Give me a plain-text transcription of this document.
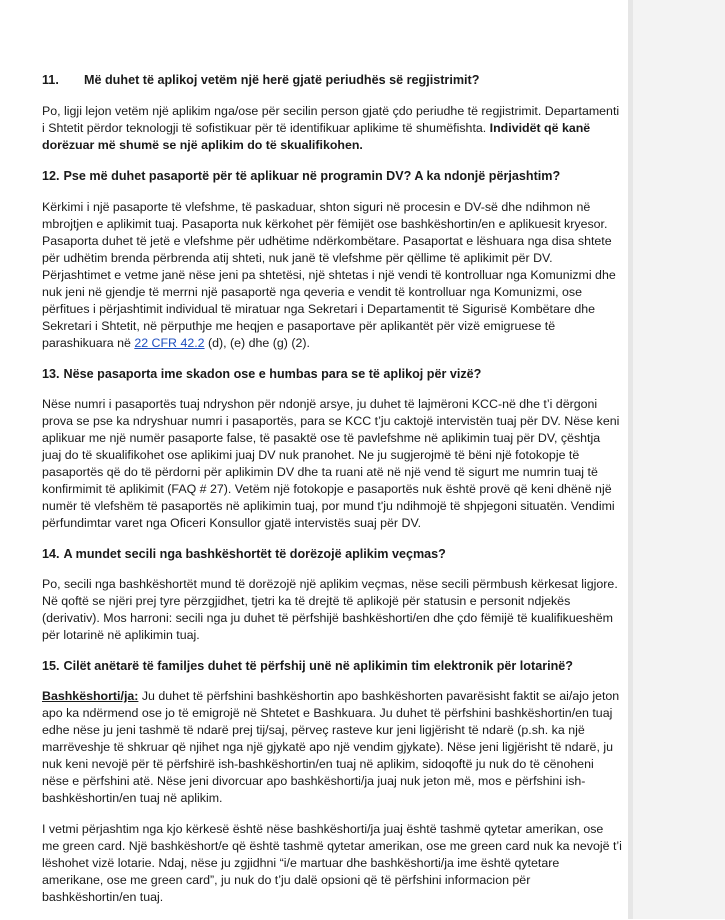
11. Më duhet të aplikoj vetëm një herë gjatë periudhës së regjistrimit?
Po, ligji lejon vetëm një aplikim nga/ose për secilin person gjatë çdo periudhe të regjistrimit. Departamenti i Shtetit përdor teknologji të sofistikuar për të identifikuar aplikime të shumëfishta. Individët që kanë dorëzuar më shumë se një aplikim do të skualifikohen.
12. Pse më duhet pasaportë për të aplikuar në programin DV? A ka ndonjë përjashtim?
Kërkimi i një pasaporte të vlefshme, të paskaduar, shton siguri në procesin e DV-së dhe ndihmon në mbrojtjen e aplikimit tuaj. Pasaporta nuk kërkohet për fëmijët ose bashkëshortin/en e aplikuesit kryesor. Pasaporta duhet të jetë e vlefshme për udhëtime ndërkombëtare. Pasaportat e lëshuara nga disa shtete për udhëtim brenda përbrenda atij shteti, nuk janë të vlefshme për qëllime të aplikimit për DV. Përjashtimet e vetme janë nëse jeni pa shtetësi, një shtetas i një vendi të kontrolluar nga Komunizmi dhe nuk jeni në gjendje të merrni një pasaportë nga qeveria e vendit të kontrolluar nga Komunizmi, ose përfitues i përjashtimit individual të miratuar nga Sekretari i Departamentit të Sigurisë Kombëtare dhe Sekretari i Shtetit, në përputhje me heqjen e pasaportave për aplikantët për vizë emigruese të parashikuara në 22 CFR 42.2 (d), (e) dhe (g) (2).
13. Nëse pasaporta ime skadon ose e humbas para se të aplikoj për vizë?
Nëse numri i pasaportës tuaj ndryshon për ndonjë arsye, ju duhet të lajmëroni KCC-në dhe t’i dërgoni prova se pse ka ndryshuar numri i pasaportës, para se KCC t’ju caktojë intervistën tuaj për DV. Nëse keni aplikuar me një numër pasaporte false, të pasaktë ose të pavlefshme në aplikimin tuaj për DV, çështja juaj do të skualifikohet ose aplikimi juaj DV nuk pranohet. Ne ju sugjerojmë të bëni një fotokopje të pasaportës që do të përdorni për aplikimin DV dhe ta ruani atë në një vend të sigurt me numrin tuaj të konfirmimit të aplikimit (FAQ # 27). Vetëm një fotokopje e pasaportës nuk është provë që keni dhënë një numër të vlefshëm të pasaportës në aplikimin tuaj, por mund t'ju ndihmojë të shpjegoni situatën. Vendimi përfundimtar varet nga Oficeri Konsullor gjatë intervistës suaj për DV.
14. A mundet secili nga bashkëshortët të dorëzojë aplikim veçmas?
Po, secili nga bashkëshortët mund të dorëzojë një aplikim veçmas, nëse secili përmbush kërkesat ligjore. Në qoftë se njëri prej tyre përzgjidhet, tjetri ka të drejtë të aplikojë për statusin e personit ndjekës (derivativ). Mos harroni: secili nga ju duhet të përfshijë bashkëshorti/en dhe çdo fëmijë të kualifikueshëm për lotarinë në aplikimin tuaj.
15. Cilët anëtarë të familjes duhet të përfshij unë në aplikimin tim elektronik për lotarinë?
Bashkëshorti/ja: Ju duhet të përfshini bashkëshortin apo bashkëshorten pavarësisht faktit se ai/ajo jeton apo ka ndërmend ose jo të emigrojë në Shtetet e Bashkuara. Ju duhet të përfshini bashkëshortin/en tuaj edhe nëse ju jeni tashmë të ndarë prej tij/saj, përveç rasteve kur jeni ligjërisht të ndarë (p.sh. ka një marrëveshje të shkruar që njihet nga një gjykatë apo një vendim gjykate). Nëse jeni ligjërisht të ndarë, ju nuk keni nevojë për të përfshirë ish-bashkëshortin/en tuaj në aplikim, sidoqoftë ju nuk do të cënoheni nëse e përfshini atë. Nëse jeni divorcuar apo bashkëshorti/ja juaj nuk jeton më, mos e përfshini ish-bashkëshortin/en tuaj në aplikim.
I vetmi përjashtim nga kjo kërkesë është nëse bashkëshorti/ja juaj është tashmë qytetar amerikan, ose me green card. Një bashkëshort/e që është tashmë qytetar amerikan, ose me green card nuk ka nevojë t’i lëshohet vizë lotarie. Ndaj, nëse ju zgjidhni “i/e martuar dhe bashkëshorti/ja ime është qytetare amerikane, ose me green card”, ju nuk do t’ju dalë opsioni që të përfshini informacion për bashkëshortin/en tuaj.
